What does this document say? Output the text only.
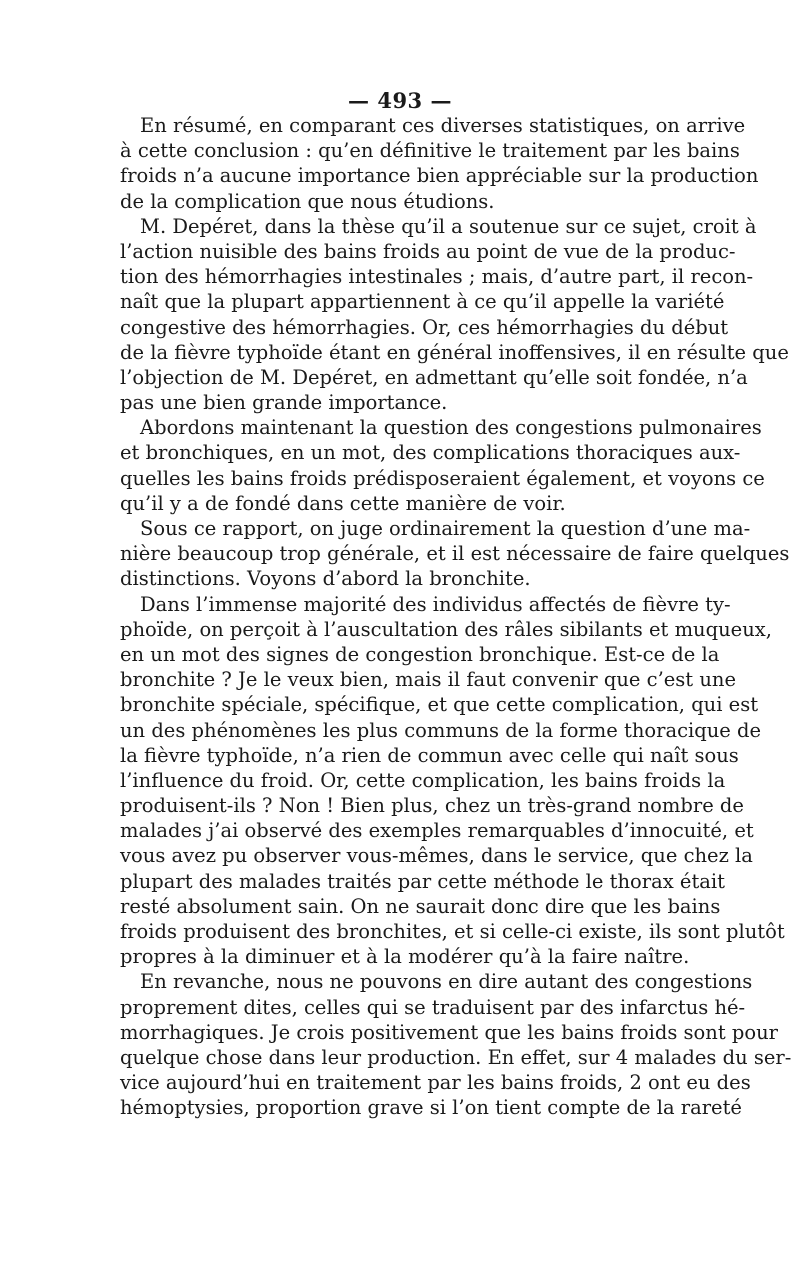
— 493 —
En résumé, en comparant ces diverses statistiques, on arrive
à cette conclusion : qu’en définitive le traitement par les bains
froids n’a aucune importance bien appréciable sur la production
de la complication que nous étudions.
M. Depéret, dans la thèse qu’il a soutenue sur ce sujet, croit à
l’action nuisible des bains froids au point de vue de la produc-
tion des hémorrhagies intestinales ; mais, d’autre part, il recon-
naît que la plupart appartiennent à ce qu’il appelle la variété
congestive des hémorrhagies. Or, ces hémorrhagies du début
de la fièvre typhoïde étant en général inoffensives, il en résulte que
l’objection de M. Depéret, en admettant qu’elle soit fondée, n’a
pas une bien grande importance.
Abordons maintenant la question des congestions pulmonaires
et bronchiques, en un mot, des complications thoraciques aux-
quelles les bains froids prédisposeraient également, et voyons ce
qu’il y a de fondé dans cette manière de voir.
Sous ce rapport, on juge ordinairement la question d’une ma-
nière beaucoup trop générale, et il est nécessaire de faire quelques
distinctions. Voyons d’abord la bronchite.
Dans l’immense majorité des individus affectés de fièvre ty-
phoïde, on perçoit à l’auscultation des râles sibilants et muqueux,
en un mot des signes de congestion bronchique. Est-ce de la
bronchite ? Je le veux bien, mais il faut convenir que c’est une
bronchite spéciale, spécifique, et que cette complication, qui est
un des phénomènes les plus communs de la forme thoracique de
la fièvre typhoïde, n’a rien de commun avec celle qui naît sous
l’influence du froid. Or, cette complication, les bains froids la
produisent-ils ? Non ! Bien plus, chez un très-grand nombre de
malades j’ai observé des exemples remarquables d’innocuité, et
vous avez pu observer vous-mêmes, dans le service, que chez la
plupart des malades traités par cette méthode le thorax était
resté absolument sain. On ne saurait donc dire que les bains
froids produisent des bronchites, et si celle-ci existe, ils sont plutôt
propres à la diminuer et à la modérer qu’à la faire naître.
En revanche, nous ne pouvons en dire autant des congestions
proprement dites, celles qui se traduisent par des infarctus hé-
morrhagiques. Je crois positivement que les bains froids sont pour
quelque chose dans leur production. En effet, sur 4 malades du ser-
vice aujourd’hui en traitement par les bains froids, 2 ont eu des
hémoptysies, proportion grave si l’on tient compte de la rareté
